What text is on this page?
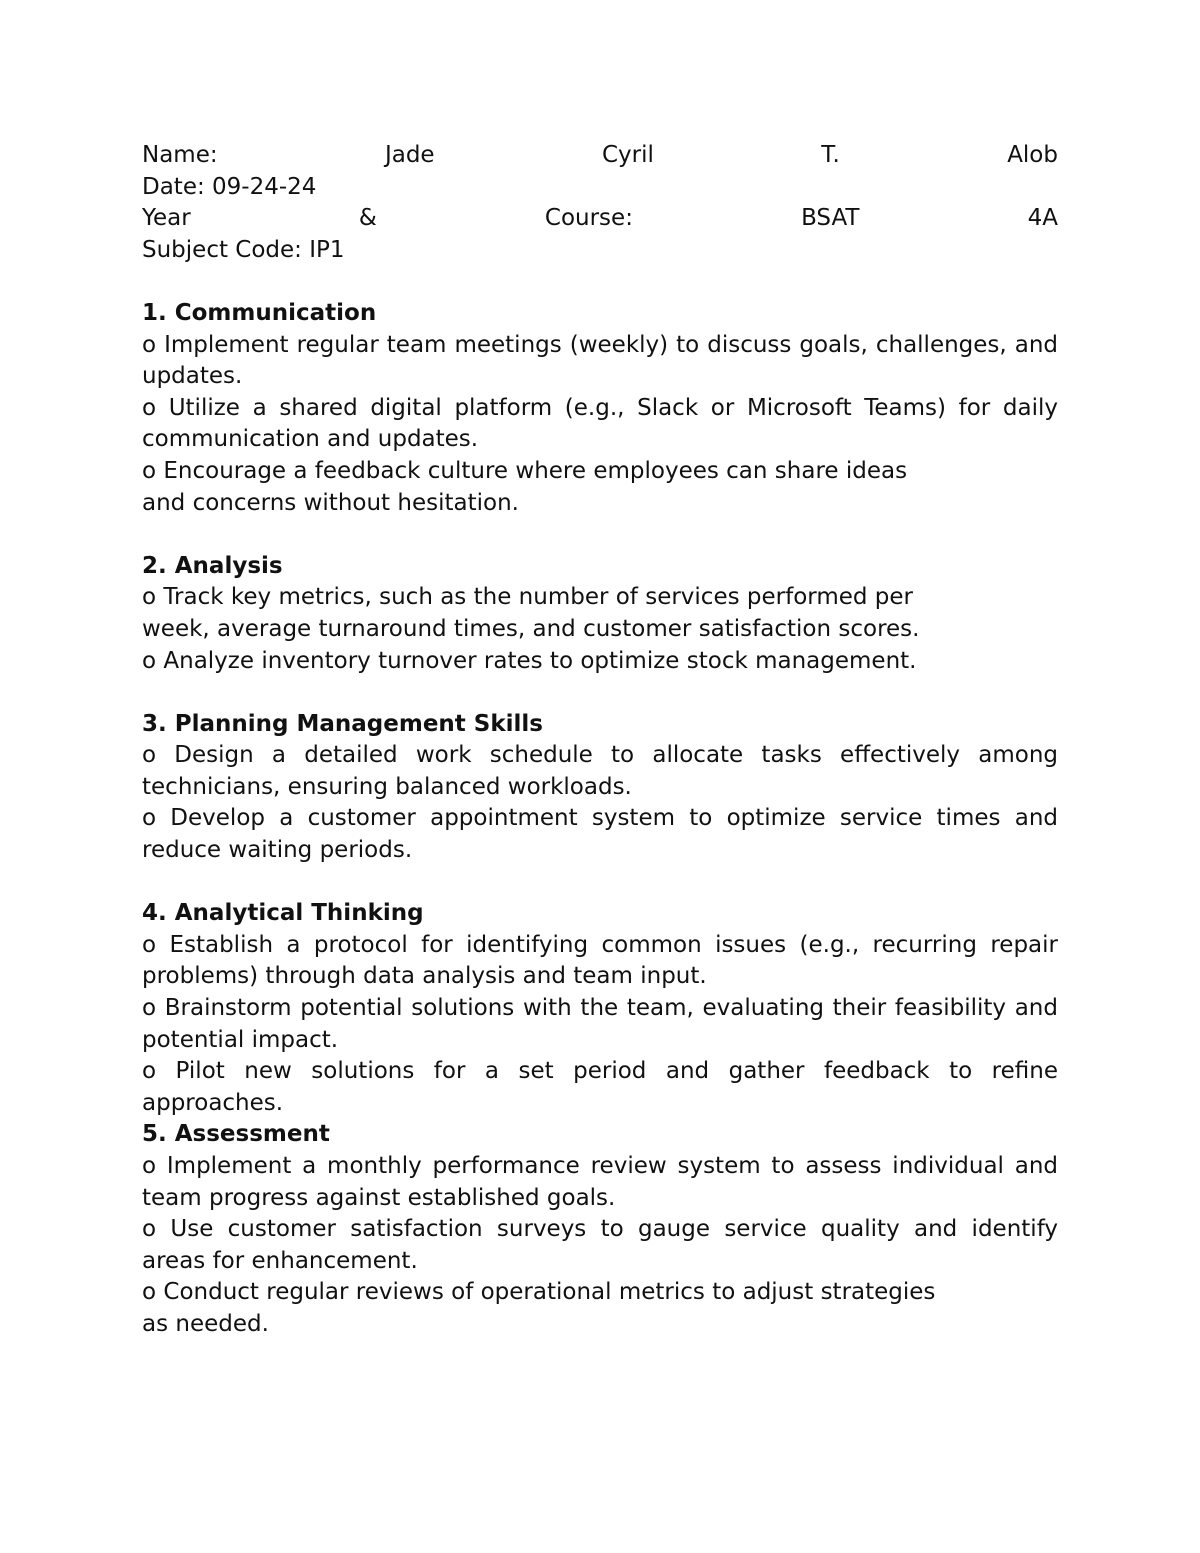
Name:	Jade	Cyril	T.	Alob
Date: 09-24-24
Year	&	Course:	BSAT	4A
Subject Code: IP1
1. Communication

o Implement regular team meetings (weekly) to discuss goals, challenges, and updates.

o Utilize a shared digital platform (e.g., Slack or Microsoft Teams) for daily communication and updates.

o Encourage a feedback culture where employees can share ideas
and concerns without hesitation.
2. Analysis
o Track key metrics, such as the number of services performed per
week, average turnaround times, and customer satisfaction scores.
o Analyze inventory turnover rates to optimize stock management.
3. Planning Management Skills

o Design a detailed work schedule to allocate tasks effectively among technicians, ensuring balanced workloads.

o Develop a customer appointment system to optimize service times and reduce waiting periods.

4. Analytical Thinking

o Establish a protocol for identifying common issues (e.g., recurring repair problems) through data analysis and team input.

o Brainstorm potential solutions with the team, evaluating their feasibility and potential impact.

o Pilot new solutions for a set period and gather feedback to refine approaches.

5. Assessment

o Implement a monthly performance review system to assess individual and team progress against established goals.

o Use customer satisfaction surveys to gauge service quality and identify areas for enhancement.

o Conduct regular reviews of operational metrics to adjust strategies
as needed.
